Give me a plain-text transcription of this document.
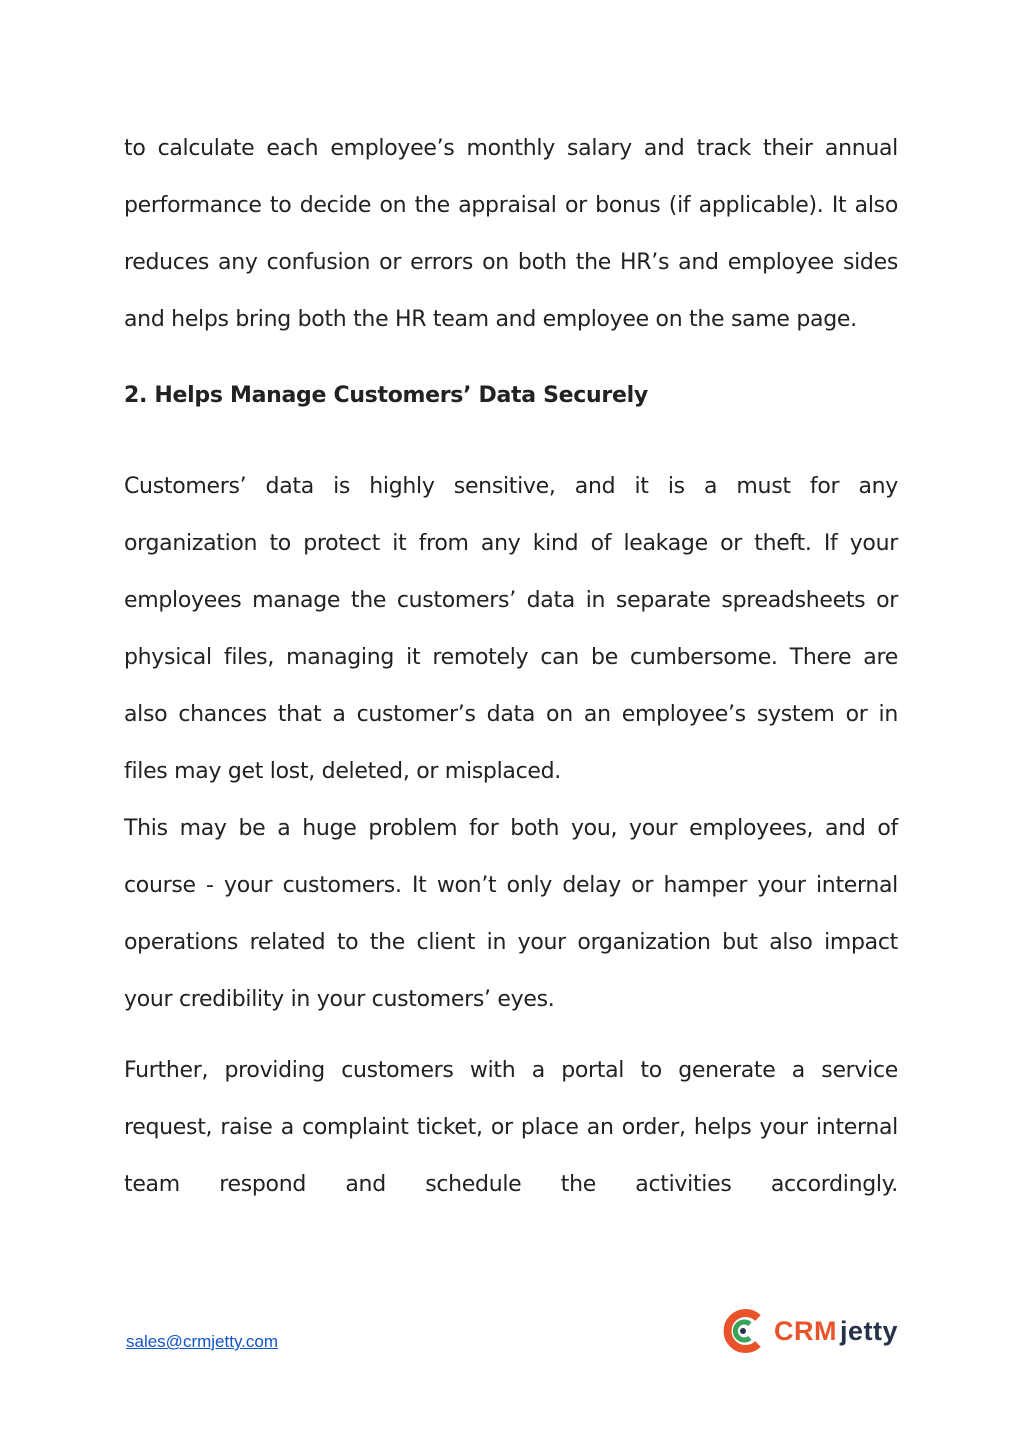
to calculate each employee’s monthly salary and track their annual performance to decide on the appraisal or bonus (if applicable). It also reduces any confusion or errors on both the HR’s and employee sides and helps bring both the HR team and employee on the same page.

2. Helps Manage Customers’ Data Securely

Customers’ data is highly sensitive, and it is a must for any organization to protect it from any kind of leakage or theft. If your employees manage the customers’ data in separate spreadsheets or physical files, managing it remotely can be cumbersome. There are also chances that a customer’s data on an employee’s system or in files may get lost, deleted, or misplaced.

This may be a huge problem for both you, your employees, and of course - your customers. It won’t only delay or hamper your internal operations related to the client in your organization but also impact your credibility in your customers’ eyes.

Further, providing customers with a portal to generate a service request, raise a complaint ticket, or place an order, helps your internal team respond and schedule the activities accordingly.

sales@crmjetty.com	CRM jetty
